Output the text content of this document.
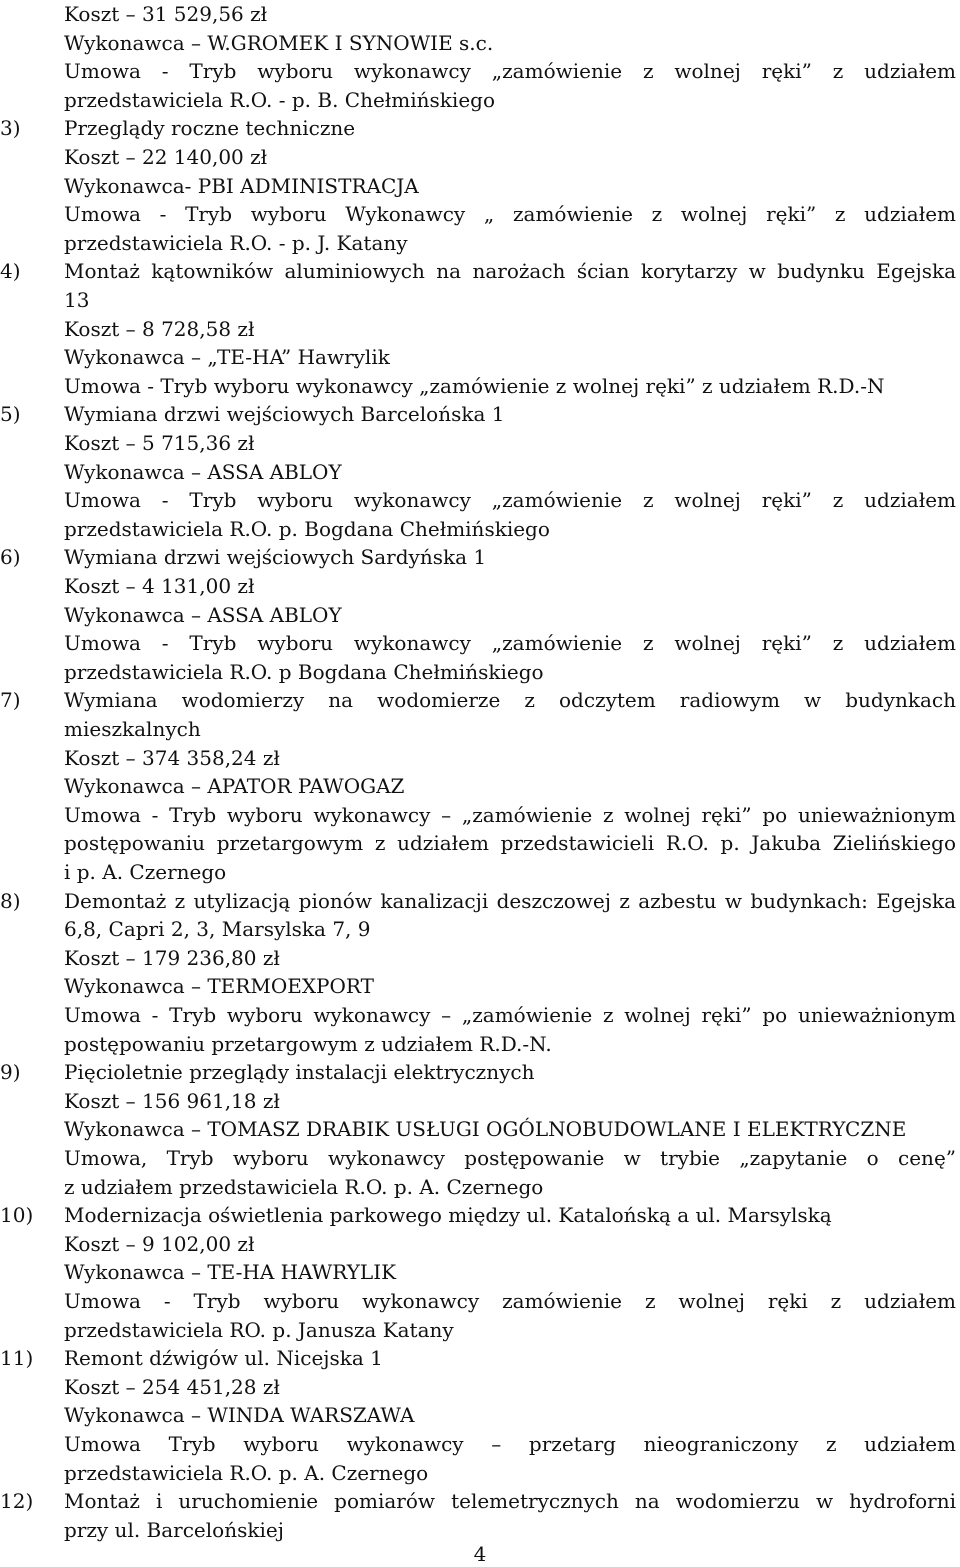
Koszt – 31 529,56 zł
Wykonawca – W.GROMEK I SYNOWIE s.c.
Umowa - Tryb wyboru wykonawcy „zamówienie z wolnej ręki” z udziałem
przedstawiciela R.O. - p. B. Chełmińskiego
3)	Przeglądy roczne techniczne
Koszt – 22 140,00 zł
Wykonawca- PBI ADMINISTRACJA
Umowa - Tryb wyboru Wykonawcy „ zamówienie z wolnej ręki” z udziałem
przedstawiciela R.O. - p. J. Katany
4)	Montaż kątowników aluminiowych na narożach ścian korytarzy w budynku Egejska
13
Koszt – 8 728,58 zł
Wykonawca – „TE-HA” Hawrylik
Umowa - Tryb wyboru wykonawcy „zamówienie z wolnej ręki” z udziałem R.D.-N
5)	Wymiana drzwi wejściowych Barcelońska 1
Koszt – 5 715,36 zł
Wykonawca – ASSA ABLOY
Umowa - Tryb wyboru wykonawcy „zamówienie z wolnej ręki” z udziałem
przedstawiciela R.O. p. Bogdana Chełmińskiego
6)	Wymiana drzwi wejściowych Sardyńska 1
Koszt – 4 131,00 zł
Wykonawca – ASSA ABLOY
Umowa - Tryb wyboru wykonawcy „zamówienie z wolnej ręki” z udziałem
przedstawiciela R.O. p Bogdana Chełmińskiego
7)	Wymiana wodomierzy na wodomierze z odczytem radiowym w budynkach
mieszkalnych
Koszt – 374 358,24 zł
Wykonawca – APATOR PAWOGAZ
Umowa - Tryb wyboru wykonawcy – „zamówienie z wolnej ręki” po unieważnionym
postępowaniu przetargowym z udziałem przedstawicieli R.O. p. Jakuba Zielińskiego
i p. A. Czernego
8)	Demontaż z utylizacją pionów kanalizacji deszczowej z azbestu w budynkach: Egejska
6,8, Capri 2, 3, Marsylska 7, 9
Koszt – 179 236,80 zł
Wykonawca – TERMOEXPORT
Umowa - Tryb wyboru wykonawcy – „zamówienie z wolnej ręki” po unieważnionym
postępowaniu przetargowym z udziałem R.D.-N.
9)	Pięcioletnie przeglądy instalacji elektrycznych
Koszt – 156 961,18 zł
Wykonawca – TOMASZ DRABIK USŁUGI OGÓLNOBUDOWLANE I ELEKTRYCZNE
Umowa, Tryb wyboru wykonawcy postępowanie w trybie „zapytanie o cenę”
z udziałem przedstawiciela R.O. p. A. Czernego
10)	Modernizacja oświetlenia parkowego między ul. Katalońską a ul. Marsylską
Koszt – 9 102,00 zł
Wykonawca – TE-HA HAWRYLIK
Umowa - Tryb wyboru wykonawcy zamówienie z wolnej ręki z udziałem
przedstawiciela RO. p. Janusza Katany
11)	Remont dźwigów ul. Nicejska 1
Koszt – 254 451,28 zł
Wykonawca – WINDA WARSZAWA
Umowa Tryb wyboru wykonawcy – przetarg nieograniczony z udziałem
przedstawiciela R.O. p. A. Czernego
12)	Montaż i uruchomienie pomiarów telemetrycznych na wodomierzu w hydroforni
przy ul. Barcelońskiej
4
